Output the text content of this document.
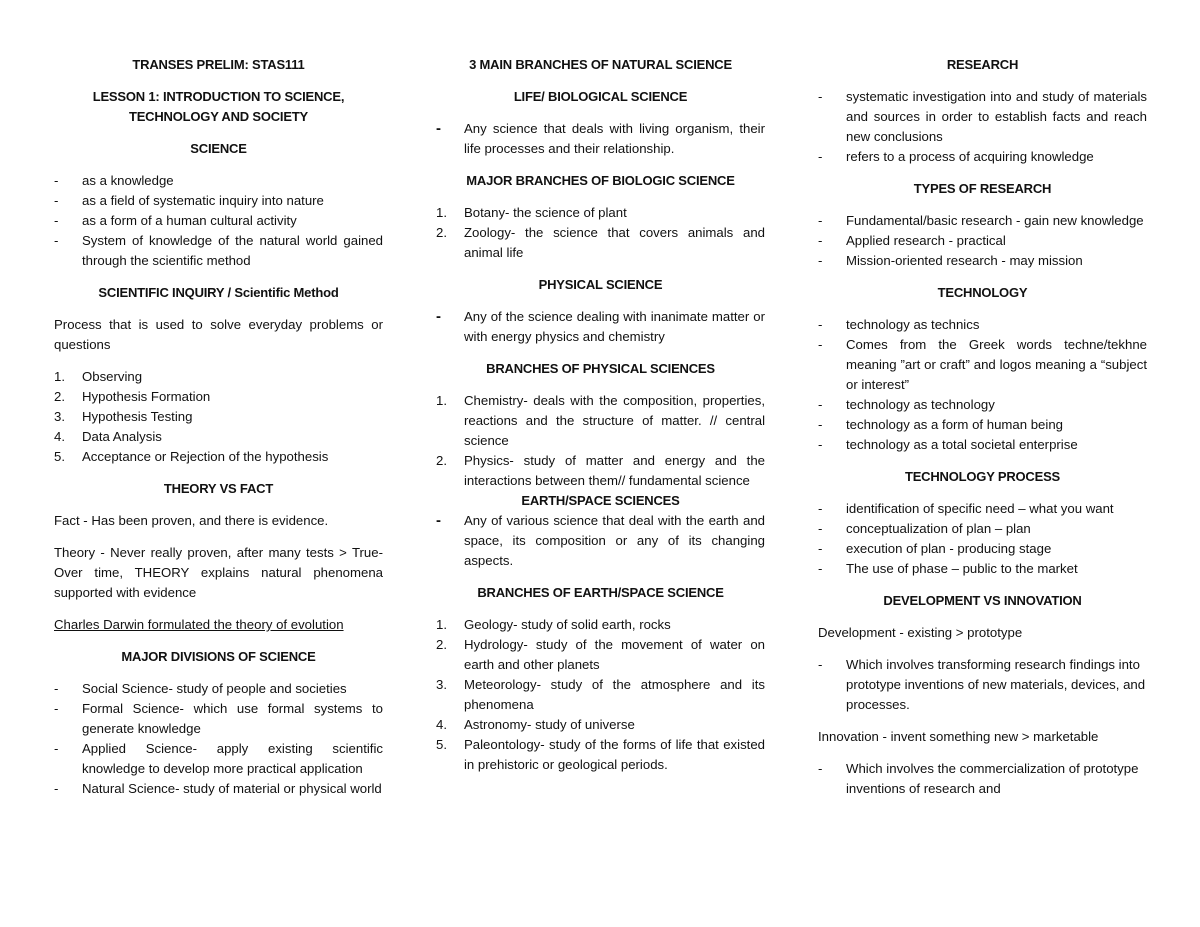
TRANSES PRELIM: STAS111
LESSON 1: INTRODUCTION TO SCIENCE, TECHNOLOGY AND SOCIETY
SCIENCE
- as a knowledge
- as a field of systematic inquiry into nature
- as a form of a human cultural activity
- System of knowledge of the natural world gained through the scientific method
SCIENTIFIC INQUIRY / Scientific Method
Process that is used to solve everyday problems or questions
1. Observing
2. Hypothesis Formation
3. Hypothesis Testing
4. Data Analysis
5. Acceptance or Rejection of the hypothesis
THEORY VS FACT
Fact - Has been proven, and there is evidence.
Theory - Never really proven, after many tests > True- Over time, THEORY explains natural phenomena supported with evidence
Charles Darwin formulated the theory of evolution
MAJOR DIVISIONS OF SCIENCE
- Social Science- study of people and societies
- Formal Science- which use formal systems to generate knowledge
- Applied Science- apply existing scientific knowledge to develop more practical application
- Natural Science- study of material or physical world
3 MAIN BRANCHES OF NATURAL SCIENCE
LIFE/ BIOLOGICAL SCIENCE
- Any science that deals with living organism, their life processes and their relationship.
MAJOR BRANCHES OF BIOLOGIC SCIENCE
1. Botany- the science of plant
2. Zoology- the science that covers animals and animal life
PHYSICAL SCIENCE
- Any of the science dealing with inanimate matter or with energy physics and chemistry
BRANCHES OF PHYSICAL SCIENCES
1. Chemistry- deals with the composition, properties, reactions and the structure of matter. // central science
2. Physics- study of matter and energy and the interactions between them// fundamental science
EARTH/SPACE SCIENCES
- Any of various science that deal with the earth and space, its composition or any of its changing aspects.
BRANCHES OF EARTH/SPACE SCIENCE
1. Geology- study of solid earth, rocks
2. Hydrology- study of the movement of water on earth and other planets
3. Meteorology- study of the atmosphere and its phenomena
4. Astronomy- study of universe
5. Paleontology- study of the forms of life that existed in prehistoric or geological periods.
RESEARCH
- systematic investigation into and study of materials and sources in order to establish facts and reach new conclusions
- refers to a process of acquiring knowledge
TYPES OF RESEARCH
- Fundamental/basic research - gain new knowledge
- Applied research - practical
- Mission-oriented research - may mission
TECHNOLOGY
- technology as technics
- Comes from the Greek words techne/tekhne meaning ”art or craft” and logos meaning a “subject or interest”
- technology as technology
- technology as a form of human being
- technology as a total societal enterprise
TECHNOLOGY PROCESS
- identification of specific need – what you want
- conceptualization of plan – plan
- execution of plan - producing stage
- The use of phase – public to the market
DEVELOPMENT VS INNOVATION
Development - existing > prototype
- Which involves transforming research findings into prototype inventions of new materials, devices, and processes.
Innovation - invent something new > marketable
- Which involves the commercialization of prototype inventions of research and
